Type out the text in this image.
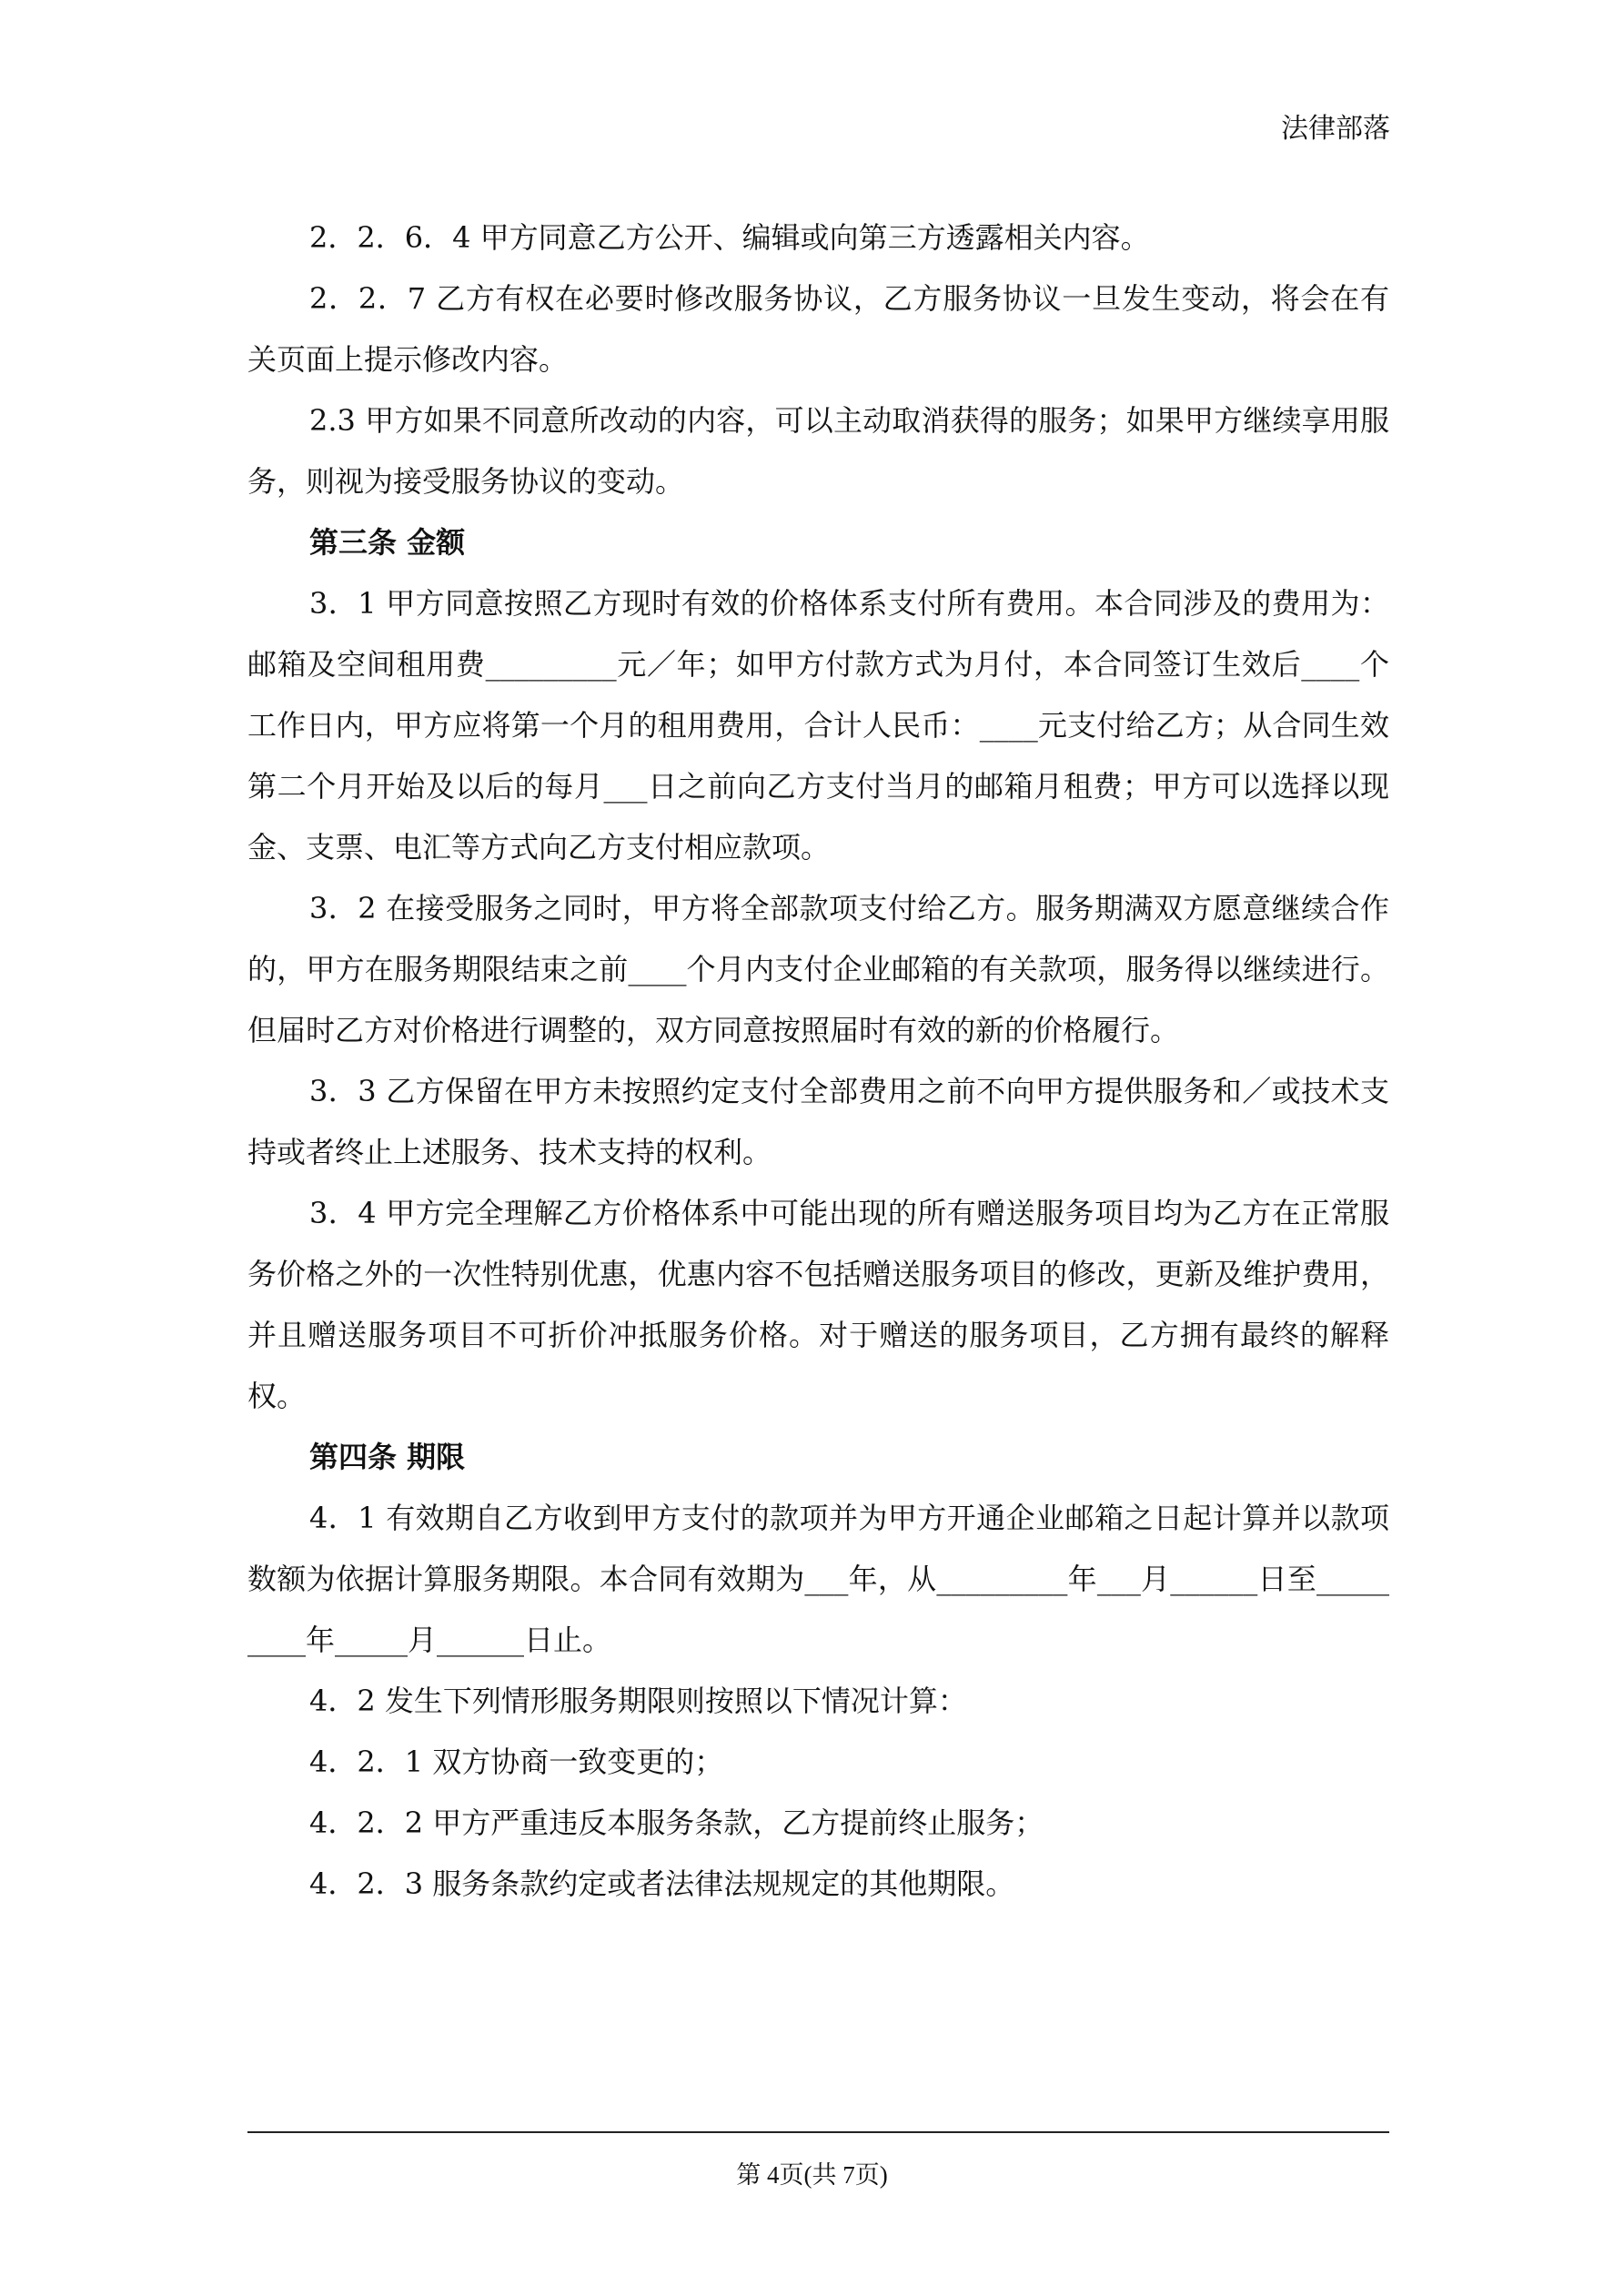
法律部落

2．2．6．4 甲方同意乙方公开、编辑或向第三方透露相关内容。

2．2．7 乙方有权在必要时修改服务协议，乙方服务协议一旦发生变动，将会在有关页面上提示修改内容。

2.3 甲方如果不同意所改动的内容，可以主动取消获得的服务；如果甲方继续享用服务，则视为接受服务协议的变动。

第三条 金额

3．1 甲方同意按照乙方现时有效的价格体系支付所有费用。本合同涉及的费用为：邮箱及空间租用费_________元／年；如甲方付款方式为月付，本合同签订生效后____个工作日内，甲方应将第一个月的租用费用，合计人民币：____元支付给乙方；从合同生效第二个月开始及以后的每月___日之前向乙方支付当月的邮箱月租费；甲方可以选择以现金、支票、电汇等方式向乙方支付相应款项。

3．2 在接受服务之同时，甲方将全部款项支付给乙方。服务期满双方愿意继续合作的，甲方在服务期限结束之前____个月内支付企业邮箱的有关款项，服务得以继续进行。但届时乙方对价格进行调整的，双方同意按照届时有效的新的价格履行。

3．3 乙方保留在甲方未按照约定支付全部费用之前不向甲方提供服务和／或技术支持或者终止上述服务、技术支持的权利。

3．4 甲方完全理解乙方价格体系中可能出现的所有赠送服务项目均为乙方在正常服务价格之外的一次性特别优惠，优惠内容不包括赠送服务项目的修改，更新及维护费用，并且赠送服务项目不可折价冲抵服务价格。对于赠送的服务项目，乙方拥有最终的解释权。

第四条 期限

4．1 有效期自乙方收到甲方支付的款项并为甲方开通企业邮箱之日起计算并以款项数额为依据计算服务期限。本合同有效期为___年，从_________年___月______日至_________年_____月______日止。

4．2 发生下列情形服务期限则按照以下情况计算：

4．2．1 双方协商一致变更的；

4．2．2 甲方严重违反本服务条款，乙方提前终止服务；

4．2．3 服务条款约定或者法律法规规定的其他期限。

第 4页(共 7页)
